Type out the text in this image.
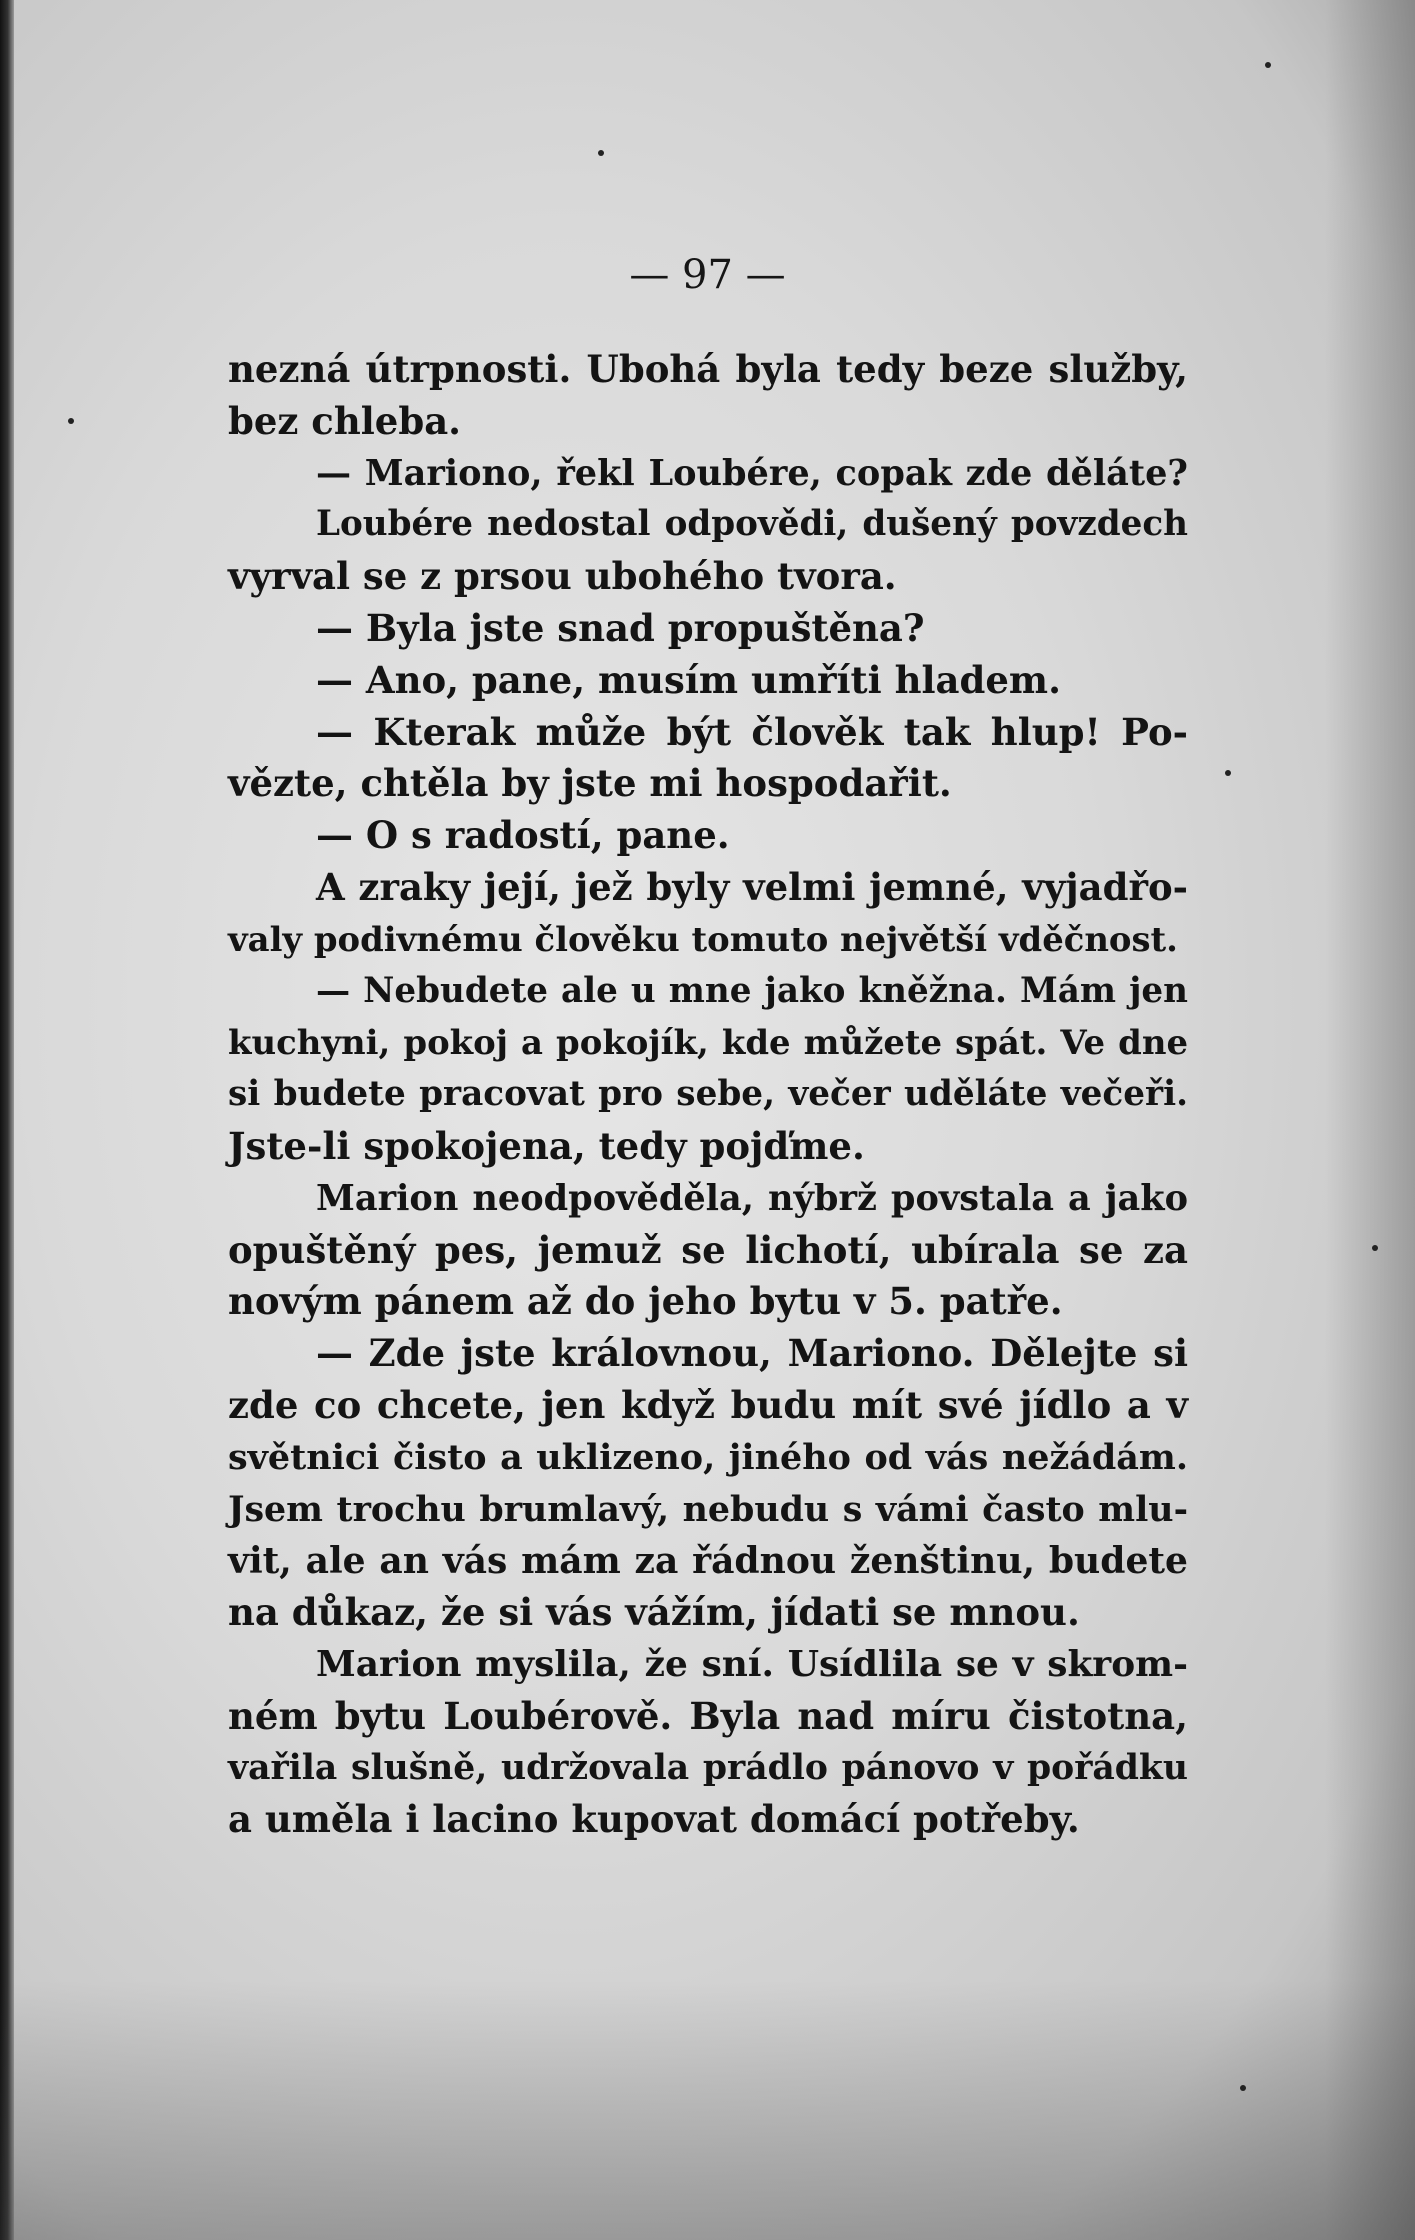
— 97 —
nezná útrpnosti. Ubohá byla tedy beze služby,
bez chleba.
— Mariono, řekl Loubére, copak zde děláte?
Loubére nedostal odpovědi, dušený povzdech
vyrval se z prsou ubohého tvora.
— Byla jste snad propuštěna?
— Ano, pane, musím umříti hladem.
— Kterak může být člověk tak hlup! Po-
vězte, chtěla by jste mi hospodařit.
— O s radostí, pane.
A zraky její, jež byly velmi jemné, vyjadřo-
valy podivnému člověku tomuto největší vděčnost.
— Nebudete ale u mne jako kněžna. Mám jen
kuchyni, pokoj a pokojík, kde můžete spát. Ve dne
si budete pracovat pro sebe, večer uděláte večeři.
Jste-li spokojena, tedy pojďme.
Marion neodpověděla, nýbrž povstala a jako
opuštěný pes, jemuž se lichotí, ubírala se za
novým pánem až do jeho bytu v 5. patře.
— Zde jste královnou, Mariono. Dělejte si
zde co chcete, jen když budu mít své jídlo a v
světnici čisto a uklizeno, jiného od vás nežádám.
Jsem trochu brumlavý, nebudu s vámi často mlu-
vit, ale an vás mám za řádnou ženštinu, budete
na důkaz, že si vás vážím, jídati se mnou.
Marion myslila, že sní. Usídlila se v skrom-
ném bytu Loubérově. Byla nad míru čistotna,
vařila slušně, udržovala prádlo pánovo v pořádku
a uměla i lacino kupovat domácí potřeby.
